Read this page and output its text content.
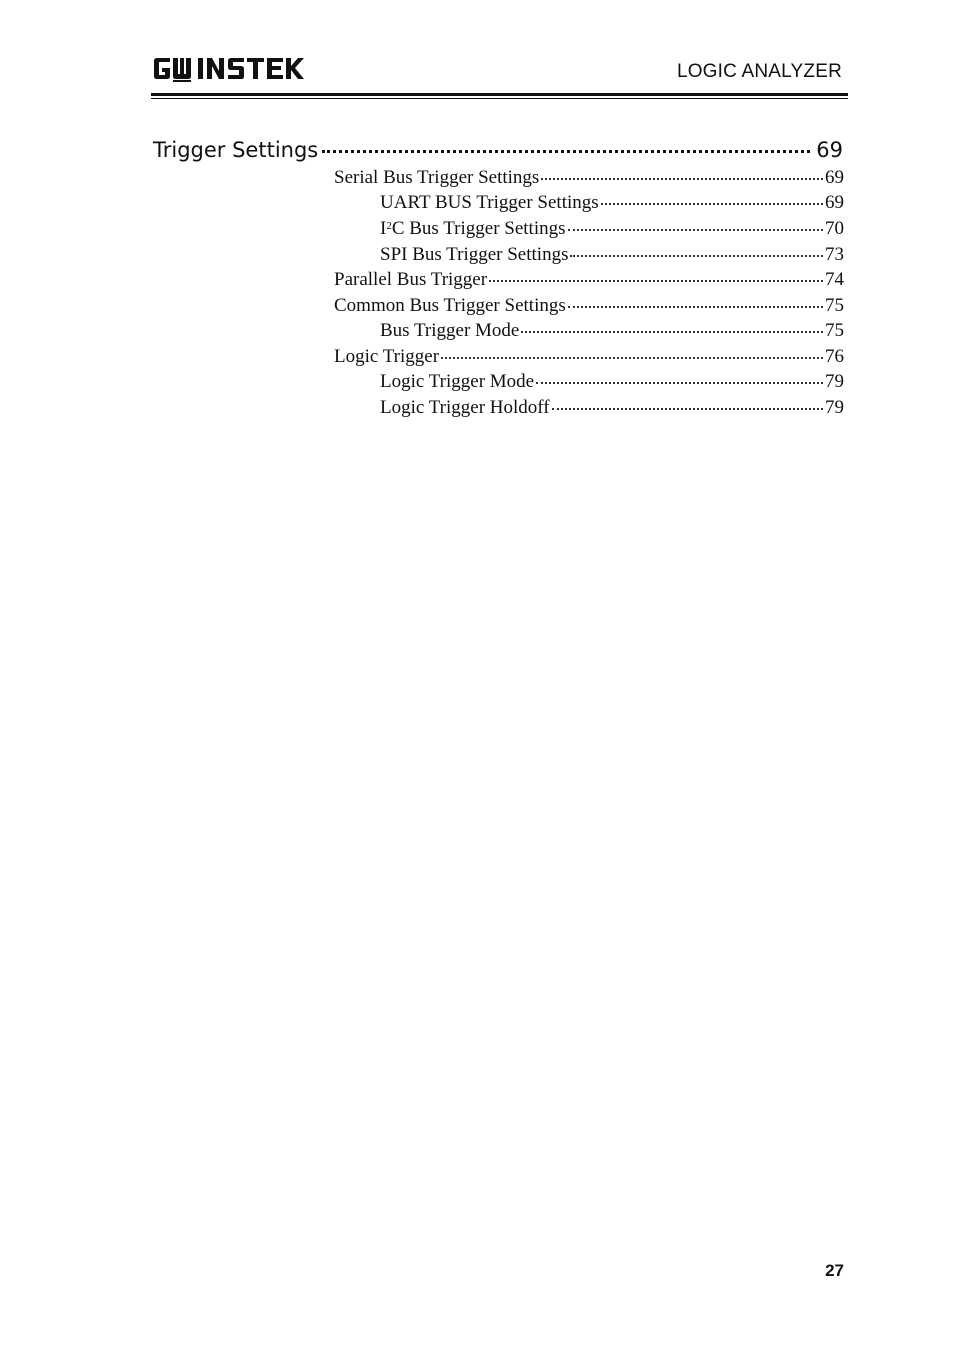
LOGIC ANALYZER
Trigger Settings	69
Serial Bus Trigger Settings	69
UART BUS Trigger Settings	69
$I^2C$ Bus Trigger Settings	70
SPI Bus Trigger Settings	73
Parallel Bus Trigger	74
Common Bus Trigger Settings	75
Bus Trigger Mode	75
Logic Trigger	76
Logic Trigger Mode	79
Logic Trigger Holdoff	79
27
